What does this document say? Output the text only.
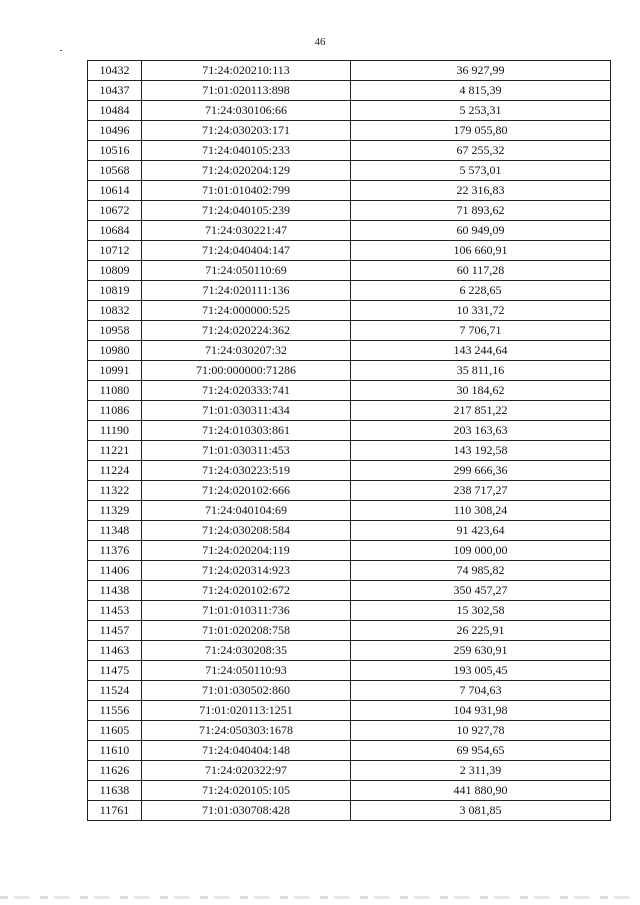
46
10432	71:24:020210:113	36 927,99
10437	71:01:020113:898	4 815,39
10484	71:24:030106:66	5 253,31
10496	71:24:030203:171	179 055,80
10516	71:24:040105:233	67 255,32
10568	71:24:020204:129	5 573,01
10614	71:01:010402:799	22 316,83
10672	71:24:040105:239	71 893,62
10684	71:24:030221:47	60 949,09
10712	71:24:040404:147	106 660,91
10809	71:24:050110:69	60 117,28
10819	71:24:020111:136	6 228,65
10832	71:24:000000:525	10 331,72
10958	71:24:020224:362	7 706,71
10980	71:24:030207:32	143 244,64
10991	71:00:000000:71286	35 811,16
11080	71:24:020333:741	30 184,62
11086	71:01:030311:434	217 851,22
11190	71:24:010303:861	203 163,63
11221	71:01:030311:453	143 192,58
11224	71:24:030223:519	299 666,36
11322	71:24:020102:666	238 717,27
11329	71:24:040104:69	110 308,24
11348	71:24:030208:584	91 423,64
11376	71:24:020204:119	109 000,00
11406	71:24:020314:923	74 985,82
11438	71:24:020102:672	350 457,27
11453	71:01:010311:736	15 302,58
11457	71:01:020208:758	26 225,91
11463	71:24:030208:35	259 630,91
11475	71:24:050110:93	193 005,45
11524	71:01:030502:860	7 704,63
11556	71:01:020113:1251	104 931,98
11605	71:24:050303:1678	10 927,78
11610	71:24:040404:148	69 954,65
11626	71:24:020322:97	2 311,39
11638	71:24:020105:105	441 880,90
11761	71:01:030708:428	3 081,85
